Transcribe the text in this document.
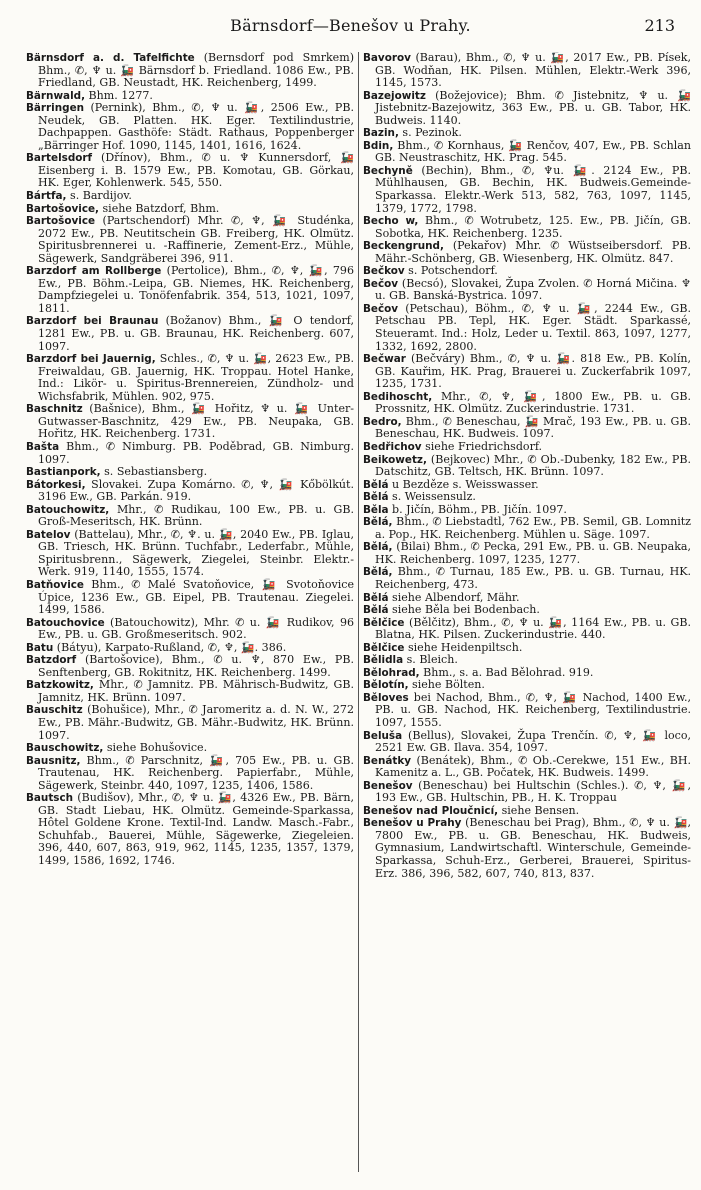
Bärnsdorf—Benešov u Prahy.	213

Bärnsdorf a. d. Tafelfichte (Bernsdorf pod Smrkem) Bhm., ✆, ♆ u. 🚂 Bärnsdorf b. Friedland. 1086 Ew., PB. Friedland, GB. Neustadt, HK. Reichenberg, 1499.

Bärnwald, Bhm. 1277.

Bärringen (Pernink), Bhm., ✆, ♆ u. 🚂, 2506 Ew., PB. Neudek, GB. Platten. HK. Eger. Textilindustrie, Dachpappen. Gasthöfe: Städt. Rathaus, Poppenberger „Bärringer Hof. 1090, 1145, 1401, 1616, 1624.

Bartelsdorf (Dřínov), Bhm., ✆ u. ♆ Kunnersdorf, 🚂 Eisenberg i. B. 1579 Ew., PB. Komotau, GB. Görkau, HK. Eger, Kohlenwerk. 545, 550.

Bártfa, s. Bardijov.

Bartošovice, siehe Batzdorf, Bhm.

Bartošovice (Partschendorf) Mhr. ✆, ♆, 🚂 Studénka, 2072 Ew., PB. Neutitschein GB. Freiberg, HK. Olmütz. Spiritusbrennerei u. -Raffinerie, Zement-Erz., Mühle, Sägewerk, Sandgräberei 396, 911.

Barzdorf am Rollberge (Pertolice), Bhm., ✆, ♆, 🚂, 796 Ew., PB. Böhm.-Leipa, GB. Niemes, HK. Reichenberg, Dampfziegelei u. Tonöfenfabrik. 354, 513, 1021, 1097, 1811.

Barzdorf bei Braunau (Božanov) Bhm., 🚂 O tendorf, 1281 Ew., PB. u. GB. Braunau, HK. Reichenberg. 607, 1097.

Barzdorf bei Jauernig, Schles., ✆, ♆ u. 🚂, 2623 Ew., PB. Freiwaldau, GB. Jauernig, HK. Troppau. Hotel Hanke, Ind.: Likör- u. Spiritus-Brennereien, Zündholz- und Wichsfabrik, Mühlen. 902, 975.

Baschnitz (Bašnice), Bhm., 🚂 Hořitz, ♆ u. 🚂 Unter-Gutwasser-Baschnitz, 429 Ew., PB. Neupaka, GB. Hořitz, HK. Reichenberg. 1731.

Bašta Bhm., ✆ Nimburg. PB. Poděbrad, GB. Nimburg. 1097.

Bastianpork, s. Sebastiansberg.

Bátorkesi, Slovakei. Zupa Komárno. ✆, ♆, 🚂 Kőbölkút. 3196 Ew., GB. Parkán. 919.

Batouchowitz, Mhr., ✆ Rudikau, 100 Ew., PB. u. GB. Groß-Meseritsch, HK. Brünn.

Batelov (Battelau), Mhr., ✆, ♆. u. 🚂, 2040 Ew., PB. Iglau, GB. Triesch, HK. Brünn. Tuchfabr., Lederfabr., Mühle, Spiritusbrenn., Sägewerk, Ziegelei, Steinbr. Elektr.-Werk. 919, 1140, 1555, 1574.

Batňovice Bhm., ✆ Malé Svatoňovice, 🚂 Svotoňovice Úpice, 1236 Ew., GB. Eipel, PB. Trautenau. Ziegelei. 1499, 1586.

Batouchovice (Batouchowitz), Mhr. ✆ u. 🚂 Rudikov, 96 Ew., PB. u. GB. Großmeseritsch. 902.

Batu (Bátyu), Karpato-Rußland, ✆, ♆, 🚂. 386.

Batzdorf (Bartošovice), Bhm., ✆ u. ♆, 870 Ew., PB. Senftenberg, GB. Rokitnitz, HK. Reichenberg. 1499.

Batzkowitz, Mhr., ✆ Jamnitz. PB. Mährisch-Budwitz, GB. Jamnitz, HK. Brünn. 1097.

Bauschitz (Bohušice), Mhr., ✆ Jaromeritz a. d. N. W., 272 Ew., PB. Mähr.-Budwitz, GB. Mähr.-Budwitz, HK. Brünn. 1097.

Bauschowitz, siehe Bohušovice.

Bausnitz, Bhm., ✆ Parschnitz, 🚂, 705 Ew., PB. u. GB. Trautenau, HK. Reichenberg. Papierfabr., Mühle, Sägewerk, Steinbr. 440, 1097, 1235, 1406, 1586.

Bautsch (Budišov), Mhr., ✆, ♆ u. 🚂, 4326 Ew., PB. Bärn, GB. Stadt Liebau, HK. Olmütz. Gemeinde-Sparkassa, Hôtel Goldene Krone. Textil-Ind. Landw. Masch.-Fabr., Schuhfab., Bauerei, Mühle, Sägewerke, Ziegeleien. 396, 440, 607, 863, 919, 962, 1145, 1235, 1357, 1379, 1499, 1586, 1692, 1746.

Bavorov (Barau), Bhm., ✆, ♆ u. 🚂, 2017 Ew., PB. Písek, GB. Wodňan, HK. Pilsen. Mühlen, Elektr.-Werk 396, 1145, 1573.

Bazejowitz (Božejovice); Bhm. ✆ Jistebnitz, ♆ u. 🚂 Jistebnitz-Bazejowitz, 363 Ew., PB. u. GB. Tabor, HK. Budweis. 1140.

Bazin, s. Pezinok.

Bdin, Bhm., ✆ Kornhaus, 🚂 Renčov, 407, Ew., PB. Schlan GB. Neustraschitz, HK. Prag. 545.

Bechyně (Bechin), Bhm., ✆, ♆u. 🚂. 2124 Ew., PB. Mühlhausen, GB. Bechin, HK. Budweis.Gemeinde-Sparkassa. Elektr.-Werk 513, 582, 763, 1097, 1145, 1379, 1772, 1798.

Becho w, Bhm., ✆ Wotrubetz, 125. Ew., PB. Jičín, GB. Sobotka, HK. Reichenberg. 1235.

Beckengrund, (Pekařov) Mhr. ✆ Wüstseibersdorf. PB. Mähr.-Schönberg, GB. Wiesenberg, HK. Olmütz. 847.

Bečkov s. Potschendorf.

Bečov (Becsó), Slovakei, Župa Zvolen. ✆ Horná Mičina. ♆ u. GB. Banská-Bystrica. 1097.

Bečov (Petschau), Böhm., ✆, ♆ u. 🚂, 2244 Ew., GB. Petschau PB. Tepl, HK. Eger. Städt. Sparkassé, Steueramt. Ind.: Holz, Leder u. Textil. 863, 1097, 1277, 1332, 1692, 2800.

Bečwar (Bečváry) Bhm., ✆, ♆ u. 🚂. 818 Ew., PB. Kolín, GB. Kauřim, HK. Prag, Brauerei u. Zuckerfabrik 1097, 1235, 1731.

Bedihoscht, Mhr., ✆, ♆, 🚂, 1800 Ew., PB. u. GB. Prossnitz, HK. Olmütz. Zuckerindustrie. 1731.

Bedro, Bhm., ✆ Beneschau, 🚂 Mrač, 193 Ew., PB. u. GB. Beneschau, HK. Budweis. 1097.

Bedřichov siehe Friedrichsdorf.

Beikowetz, (Bejkovec) Mhr., ✆ Ob.-Dubenky, 182 Ew., PB. Datschitz, GB. Teltsch, HK. Brünn. 1097.

Bělá u Bezděze s. Weisswasser.

Bělá s. Weissensulz.

Běla b. Jičín, Böhm., PB. Jičín. 1097.

Bělá, Bhm., ✆ Liebstadtl, 762 Ew., PB. Semil, GB. Lomnitz a. Pop., HK. Reichenberg. Mühlen u. Säge. 1097.

Bělá, (Bilai) Bhm., ✆ Pecka, 291 Ew., PB. u. GB. Neupaka, HK. Reichenberg. 1097, 1235, 1277.

Bělá, Bhm., ✆ Turnau, 185 Ew., PB. u. GB. Turnau, HK. Reichenberg, 473.

Bělá siehe Albendorf, Mähr.

Bělá siehe Běla bei Bodenbach.

Bělčice (Bělčitz), Bhm., ✆, ♆ u. 🚂, 1164 Ew., PB. u. GB. Blatna, HK. Pilsen. Zuckerindustrie. 440.

Bělčice siehe Heidenpiltsch.

Bělidla s. Bleich.

Bělohrad, Bhm., s. a. Bad Bělohrad. 919.

Bělotín, siehe Bölten.

Běloves bei Nachod, Bhm., ✆, ♆, 🚂 Nachod, 1400 Ew., PB. u. GB. Nachod, HK. Reichenberg, Textilindustrie. 1097, 1555.

Beluša (Bellus), Slovakei, Župa Trenčín. ✆, ♆, 🚂 loco, 2521 Ew. GB. Ilava. 354, 1097.

Benátky (Benátek), Bhm., ✆ Ob.-Cerekwe, 151 Ew., BH. Kamenitz a. L., GB. Počatek, HK. Budweis. 1499.

Benešov (Beneschau) bei Hultschin (Schles.). ✆, ♆, 🚂, 193 Ew., GB. Hultschin, PB., H. K. Troppau

Benešov nad Ploučnicí, siehe Bensen.

Benešov u Prahy (Beneschau bei Prag), Bhm., ✆, ♆ u. 🚂, 7800 Ew., PB. u. GB. Beneschau, HK. Budweis, Gymnasium, Landwirtschaftl. Winterschule, Gemeinde-Sparkassa, Schuh-Erz., Gerberei, Brauerei, Spiritus-Erz. 386, 396, 582, 607, 740, 813, 837.
